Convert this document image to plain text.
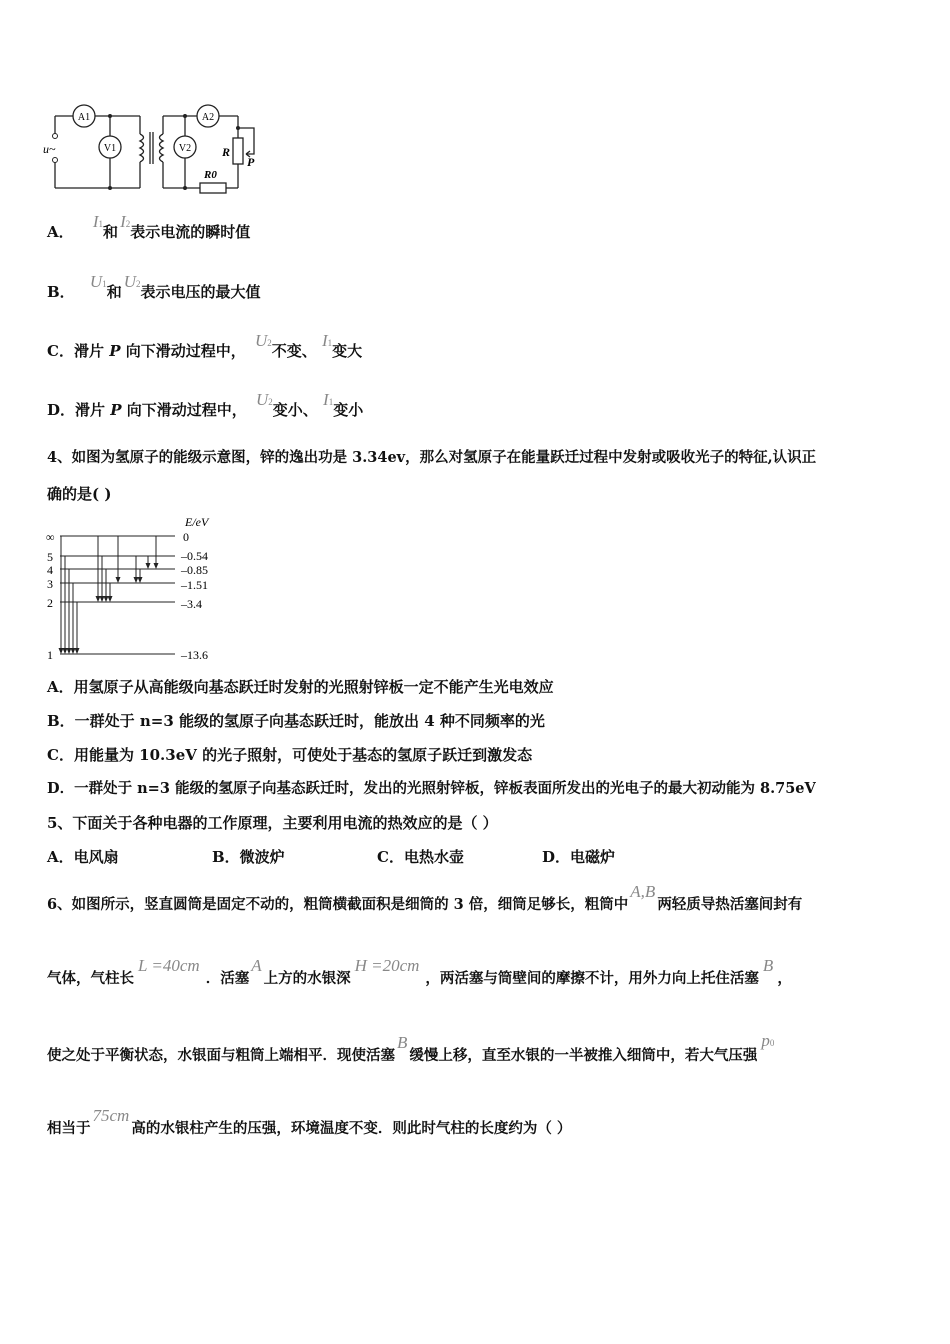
u~
A1
V1	V2
A2
R
P
R0
A． I1和I2表示电流的瞬时值
B． U1和U2表示电压的最大值
C．滑片 P 向下滑动过程中， U2不变、 I1变大
D．滑片 P 向下滑动过程中， U2变小、 I1变小
4、如图为氢原子的能级示意图，锌的逸出功是 3.34ev，那么对氢原子在能量跃迁过程中发射或吸收光子的特征,认识正
确的是( )
E/eV
∞
5
4
3
2
1
0
–0.54
–0.85
–1.51
–3.4
–13.6
A．用氢原子从高能级向基态跃迁时发射的光照射锌板一定不能产生光电效应
B．一群处于 n=3 能级的氢原子向基态跃迁时，能放出 4 种不同频率的光
C．用能量为 10.3eV 的光子照射，可使处于基态的氢原子跃迁到激发态
D．一群处于 n=3 能级的氢原子向基态跃迁时，发出的光照射锌板，锌板表面所发出的光电子的最大初动能为 8.75eV
5、下面关于各种电器的工作原理，主要利用电流的热效应的是（ ）
A．电风扇	B．微波炉	C．电热水壶	D．电磁炉
6、如图所示，竖直圆筒是固定不动的，粗筒横截面积是细筒的 3 倍，细筒足够长，粗筒中A,B两轻质导热活塞间封有
气体，气柱长L =40cm．活塞A上方的水银深H =20cm，两活塞与筒壁间的摩擦不计，用外力向上托住活塞B，
使之处于平衡状态，水银面与粗筒上端相平．现使活塞B缓慢上移，直至水银的一半被推入细筒中，若大气压强p0
相当于75cm高的水银柱产生的压强，环境温度不变．则此时气柱的长度约为（ ）
